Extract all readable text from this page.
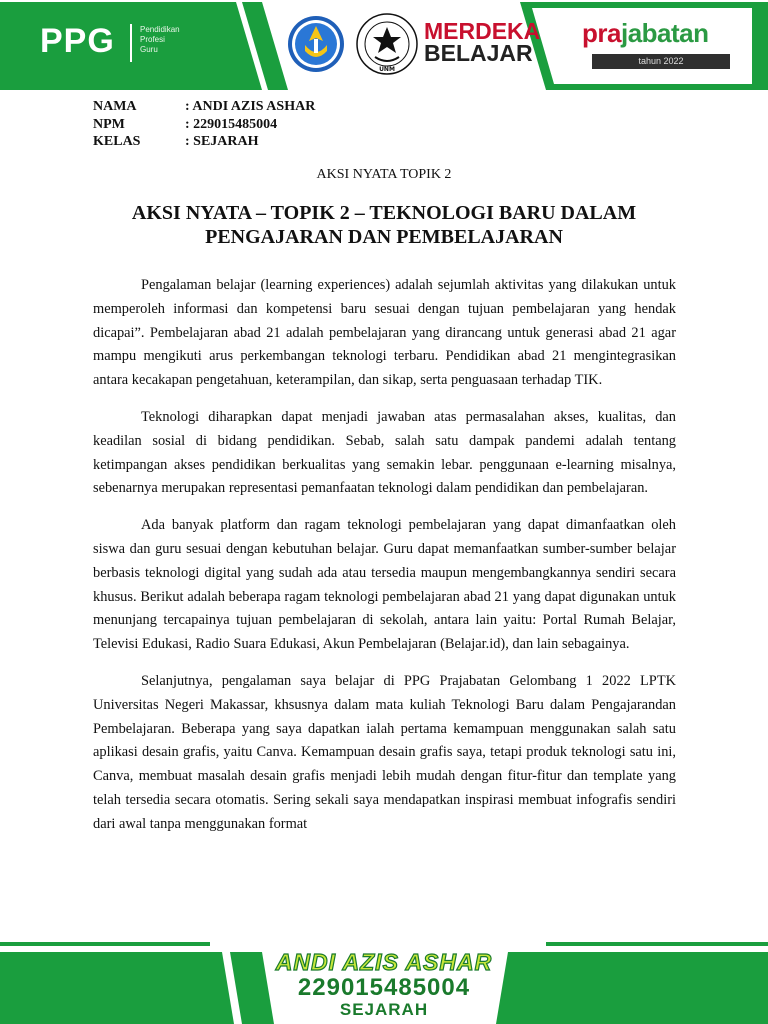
PPG	Pendidikan
Profesi
Guru
UNM
MERDEKA
BELAJAR
prajabatan
tahun 2022
NAMA	: ANDI AZIS ASHAR
NPM	: 229015485004
KELAS	: SEJARAH
AKSI NYATA TOPIK 2
AKSI NYATA – TOPIK 2 – TEKNOLOGI BARU DALAM
PENGAJARAN DAN PEMBELAJARAN

Pengalaman belajar (learning experiences) adalah sejumlah aktivitas yang dilakukan untuk memperoleh informasi dan kompetensi baru sesuai dengan tujuan pembelajaran yang hendak dicapai”. Pembelajaran abad 21 adalah pembelajaran yang dirancang untuk generasi abad 21 agar mampu mengikuti arus perkembangan teknologi terbaru. Pendidikan abad 21 mengintegrasikan antara kecakapan pengetahuan, keterampilan, dan sikap, serta penguasaan terhadap TIK.

Teknologi diharapkan dapat menjadi jawaban atas permasalahan akses, kualitas, dan keadilan sosial di bidang pendidikan. Sebab, salah satu dampak pandemi adalah tentang ketimpangan akses pendidikan berkualitas yang semakin lebar. penggunaan e-learning misalnya, sebenarnya merupakan representasi pemanfaatan teknologi dalam pendidikan dan pembelajaran.

Ada banyak platform dan ragam teknologi pembelajaran yang dapat dimanfaatkan oleh siswa dan guru sesuai dengan kebutuhan belajar. Guru dapat memanfaatkan sumber-sumber belajar berbasis teknologi digital yang sudah ada atau tersedia maupun mengembangkannya sendiri secara khusus. Berikut adalah beberapa ragam teknologi pembelajaran abad 21 yang dapat digunakan untuk menunjang tercapainya tujuan pembelajaran di sekolah, antara lain yaitu: Portal Rumah Belajar, Televisi Edukasi, Radio Suara Edukasi, Akun Pembelajaran (Belajar.id), dan lain sebagainya.

Selanjutnya, pengalaman saya belajar di PPG Prajabatan Gelombang 1 2022 LPTK Universitas Negeri Makassar, khsusnya dalam mata kuliah Teknologi Baru dalam Pengajarandan Pembelajaran. Beberapa yang saya dapatkan ialah pertama kemampuan menggunakan salah satu aplikasi desain grafis, yaitu Canva. Kemampuan desain grafis saya, tetapi produk teknologi satu ini, Canva, membuat masalah desain grafis menjadi lebih mudah dengan fitur-fitur dan template yang telah tersedia secara otomatis. Sering sekali saya mendapatkan inspirasi membuat infografis sendiri dari awal tanpa menggunakan format

ANDI AZIS ASHAR
229015485004
SEJARAH
